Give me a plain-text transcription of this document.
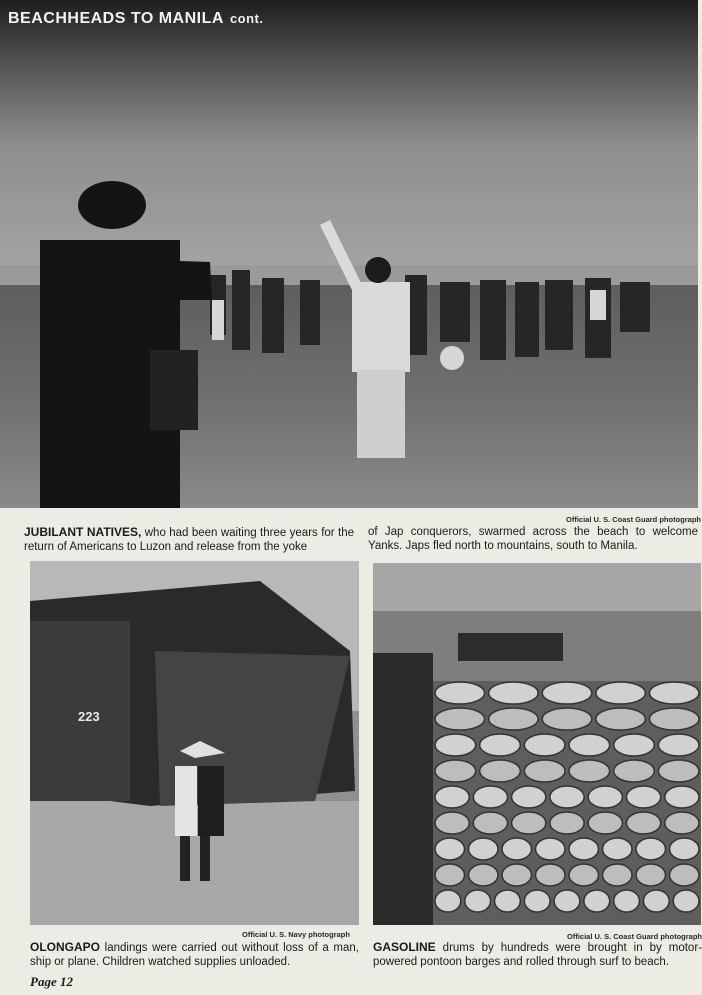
BEACHHEADS TO MANILA cont.
Official U. S. Coast Guard photograph
JUBILANT NATIVES, who had been waiting three years for the return of Americans to Luzon and release from the yoke
of Jap conquerors, swarmed across the beach to welcome Yanks. Japs fled north to mountains, south to Manila.
223
Official U. S. Navy photograph
OLONGAPO landings were carried out without loss of a man, ship or plane. Children watched supplies unloaded.
Official U. S. Coast Guard photograph
GASOLINE drums by hundreds were brought in by motor-powered pontoon barges and rolled through surf to beach.
Page 12
